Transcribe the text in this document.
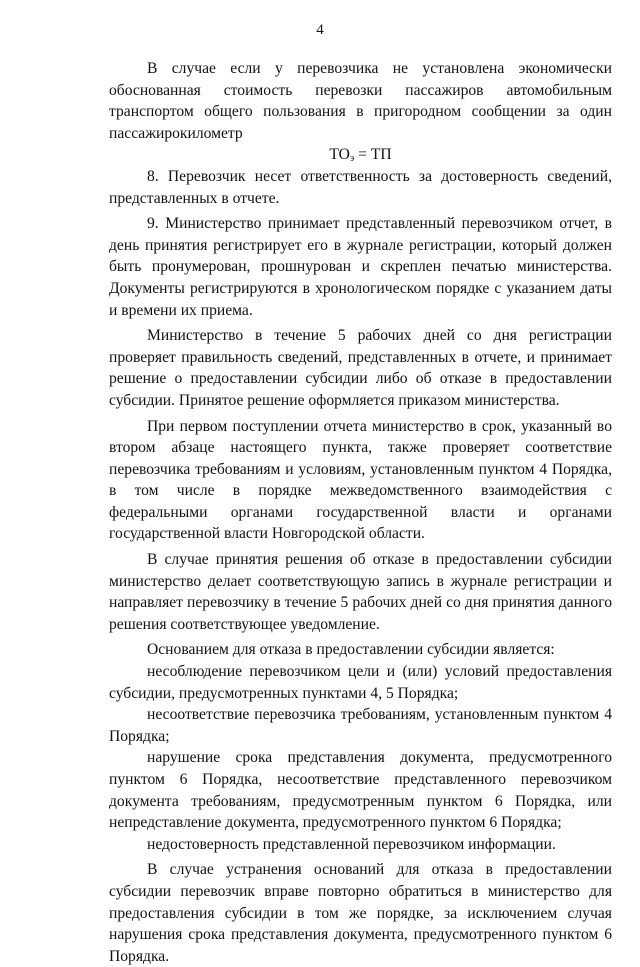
4

В случае если у перевозчика не установлена экономически обоснованная стоимость перевозки пассажиров автомобильным транспортом общего пользования в пригородном сообщении за один пассажирокилометр

$ТО_э$ = ТП

8. Перевозчик несет ответственность за достоверность сведений, представленных в отчете.

9. Министерство принимает представленный перевозчиком отчет, в день принятия регистрирует его в журнале регистрации, который должен быть пронумерован, прошнурован и скреплен печатью министерства. Документы регистрируются в хронологическом порядке с указанием даты и времени их приема.

Министерство в течение 5 рабочих дней со дня регистрации проверяет правильность сведений, представленных в отчете, и принимает решение о предоставлении субсидии либо об отказе в предоставлении субсидии. Принятое решение оформляется приказом министерства.

При первом поступлении отчета министерство в срок, указанный во втором абзаце настоящего пункта, также проверяет соответствие перевозчика требованиям и условиям, установленным пунктом 4 Порядка, в том числе в порядке межведомственного взаимодействия с федеральными органами государственной власти и органами государственной власти Новгородской области.

В случае принятия решения об отказе в предоставлении субсидии министерство делает соответствующую запись в журнале регистрации и направляет перевозчику в течение 5 рабочих дней со дня принятия данного решения соответствующее уведомление.

Основанием для отказа в предоставлении субсидии является:

несоблюдение перевозчиком цели и (или) условий предоставления субсидии, предусмотренных пунктами 4, 5 Порядка;

несоответствие перевозчика требованиям, установленным пунктом 4 Порядка;

нарушение срока представления документа, предусмотренного пунктом 6 Порядка, несоответствие представленного перевозчиком документа требованиям, предусмотренным пунктом 6 Порядка, или непредставление документа, предусмотренного пунктом 6 Порядка;

недостоверность представленной перевозчиком информации.

В случае устранения оснований для отказа в предоставлении субсидии перевозчик вправе повторно обратиться в министерство для предоставления субсидии в том же порядке, за исключением случая нарушения срока представления документа, предусмотренного пунктом 6 Порядка.
